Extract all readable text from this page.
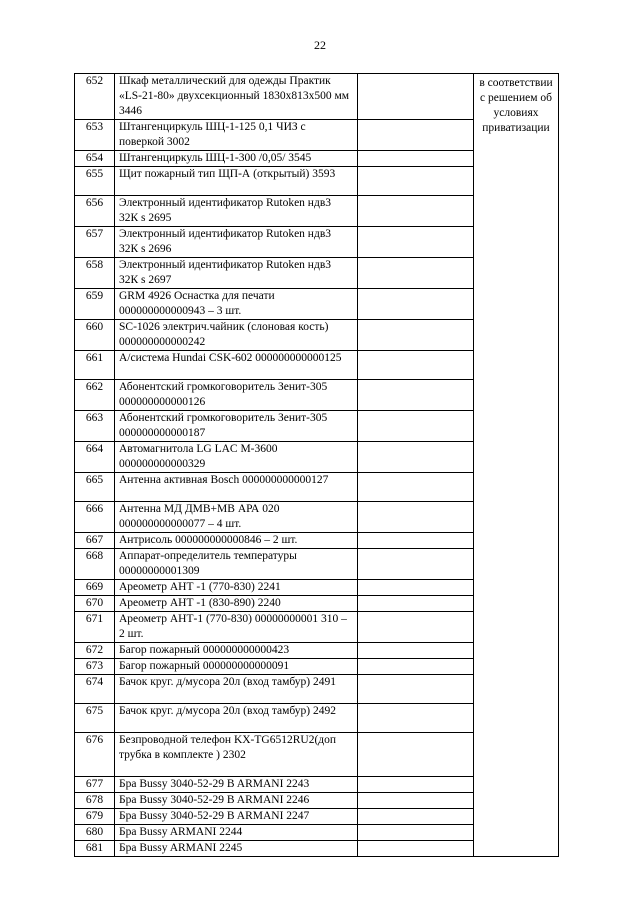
22
652	Шкаф металлический для одежды Практик «LS-21-80» двухсекционный 1830х813х500 мм 3446		в соответствии с решением об условиях приватизации
653	Штангенциркуль ШЦ-1-125 0,1 ЧИЗ с поверкой 3002		
654	Штангенциркуль ШЦ-1-300 /0,05/ 3545		
655	Щит пожарный тип ЩП-А (открытый) 3593		
656	Электронный идентификатор Rutoken ндв3 32К s 2695		
657	Электронный идентификатор Rutoken ндв3 32К s 2696		
658	Электронный идентификатор Rutoken ндв3 32К s 2697		
659	GRM 4926 Оснастка для печати 000000000000943 – 3 шт.		
660	SC-1026 электрич.чайник (слоновая кость) 000000000000242		
661	А/система Hundai CSK-602 000000000000125		
662	Абонентский громкоговоритель Зенит-305 000000000000126		
663	Абонентский громкоговоритель Зенит-305 000000000000187		
664	Автомагнитола LG LAC M-3600 000000000000329		
665	Антенна активная Bosch 000000000000127		
666	Антенна МД ДМВ+МВ АРА 020 000000000000077 – 4 шт.		
667	Антрисоль 000000000000846 – 2 шт.		
668	Аппарат-определитель температуры 00000000001309		
669	Ареометр АНТ -1 (770-830) 2241		
670	Ареометр АНТ -1 (830-890) 2240		
671	Ареометр АНТ-1 (770-830) 00000000001 310 – 2 шт.		
672	Багор пожарный 000000000000423		
673	Багор пожарный 000000000000091		
674	Бачок круг. д/мусора 20л (вход тамбур) 2491		
675	Бачок круг. д/мусора 20л (вход тамбур) 2492		
676	Безпроводной телефон KX-TG6512RU2(доп трубка в комплекте ) 2302		
677	Бра Bussy 3040-52-29 B ARMANI 2243		
678	Бра Bussy 3040-52-29 B ARMANI 2246		
679	Бра Bussy 3040-52-29 B ARMANI 2247		
680	Бра Bussy ARMANI 2244		
681	Бра Bussy ARMANI 2245		
